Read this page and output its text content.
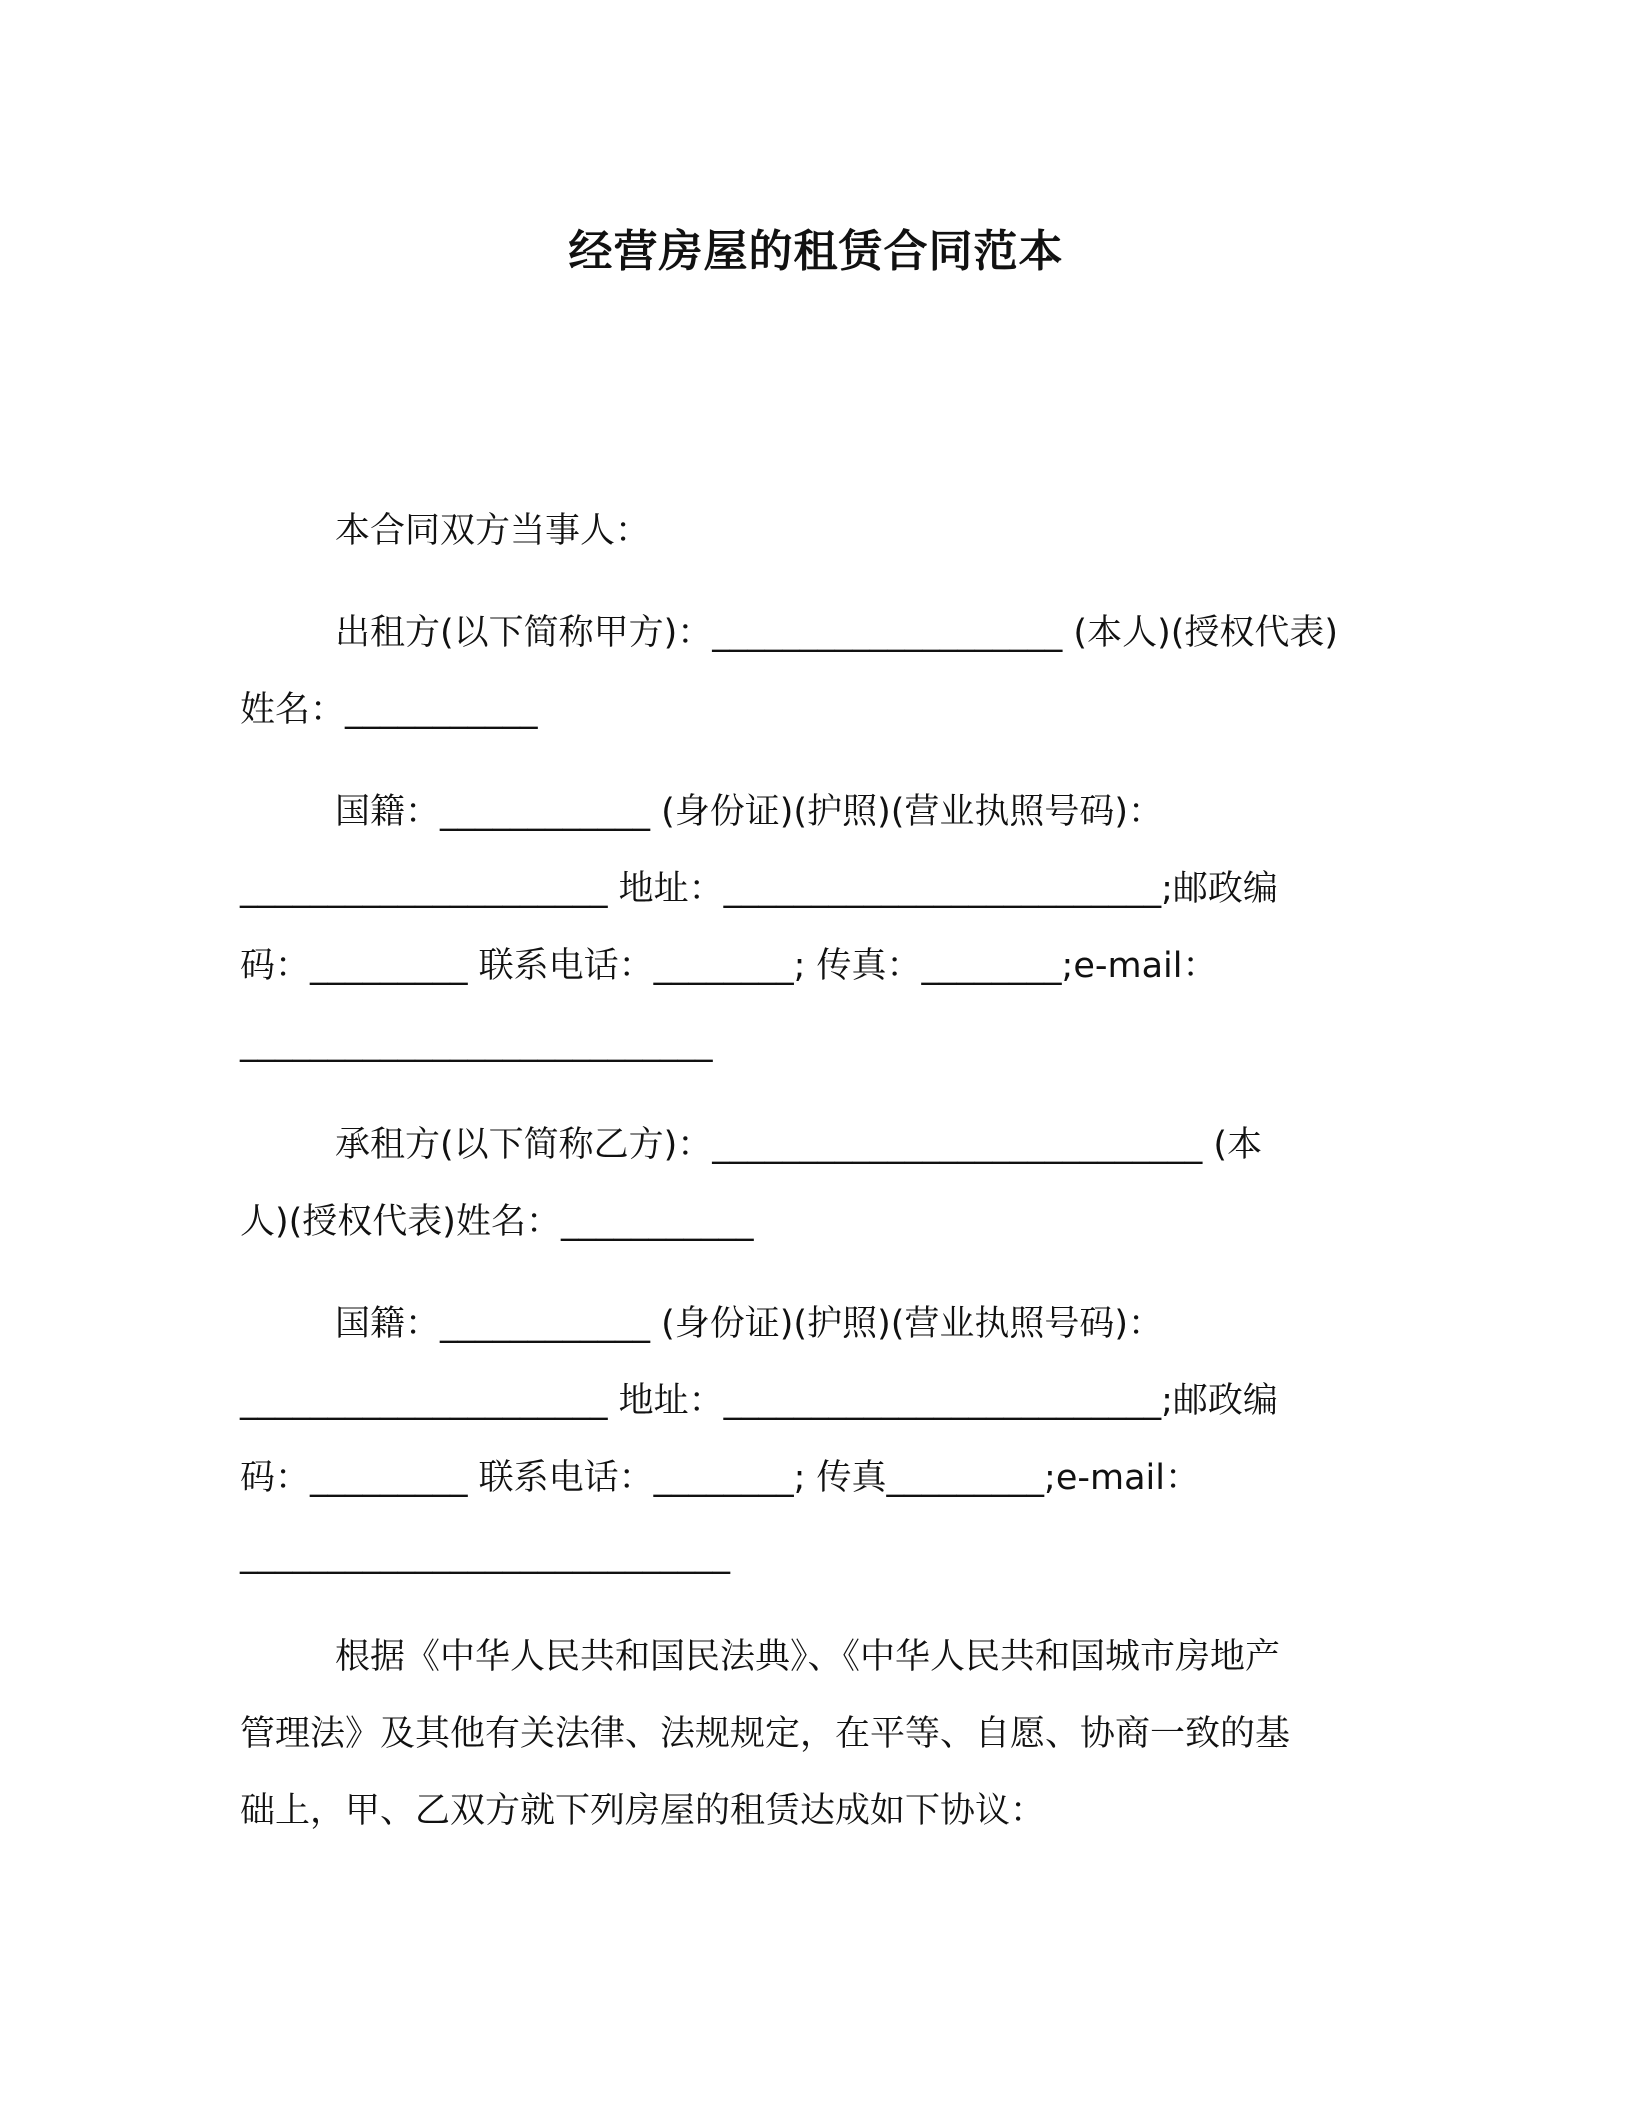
经营房屋的租赁合同范本
本合同双方当事人：
出租方(以下简称甲方)：____________________ (本人)(授权代表)
姓名：___________
国籍：____________ (身份证)(护照)(营业执照号码)：
_____________________ 地址：_________________________;邮政编
码：_________ 联系电话：________; 传真：________;e-mail：
___________________________
承租方(以下简称乙方)：____________________________ (本
人)(授权代表)姓名：___________
国籍：____________ (身份证)(护照)(营业执照号码)：
_____________________ 地址：_________________________;邮政编
码：_________ 联系电话：________; 传真_________;e-mail：
____________________________
根据《中华人民共和国民法典》、《中华人民共和国城市房地产
管理法》及其他有关法律、法规规定，在平等、自愿、协商一致的基
础上，甲、乙双方就下列房屋的租赁达成如下协议：
